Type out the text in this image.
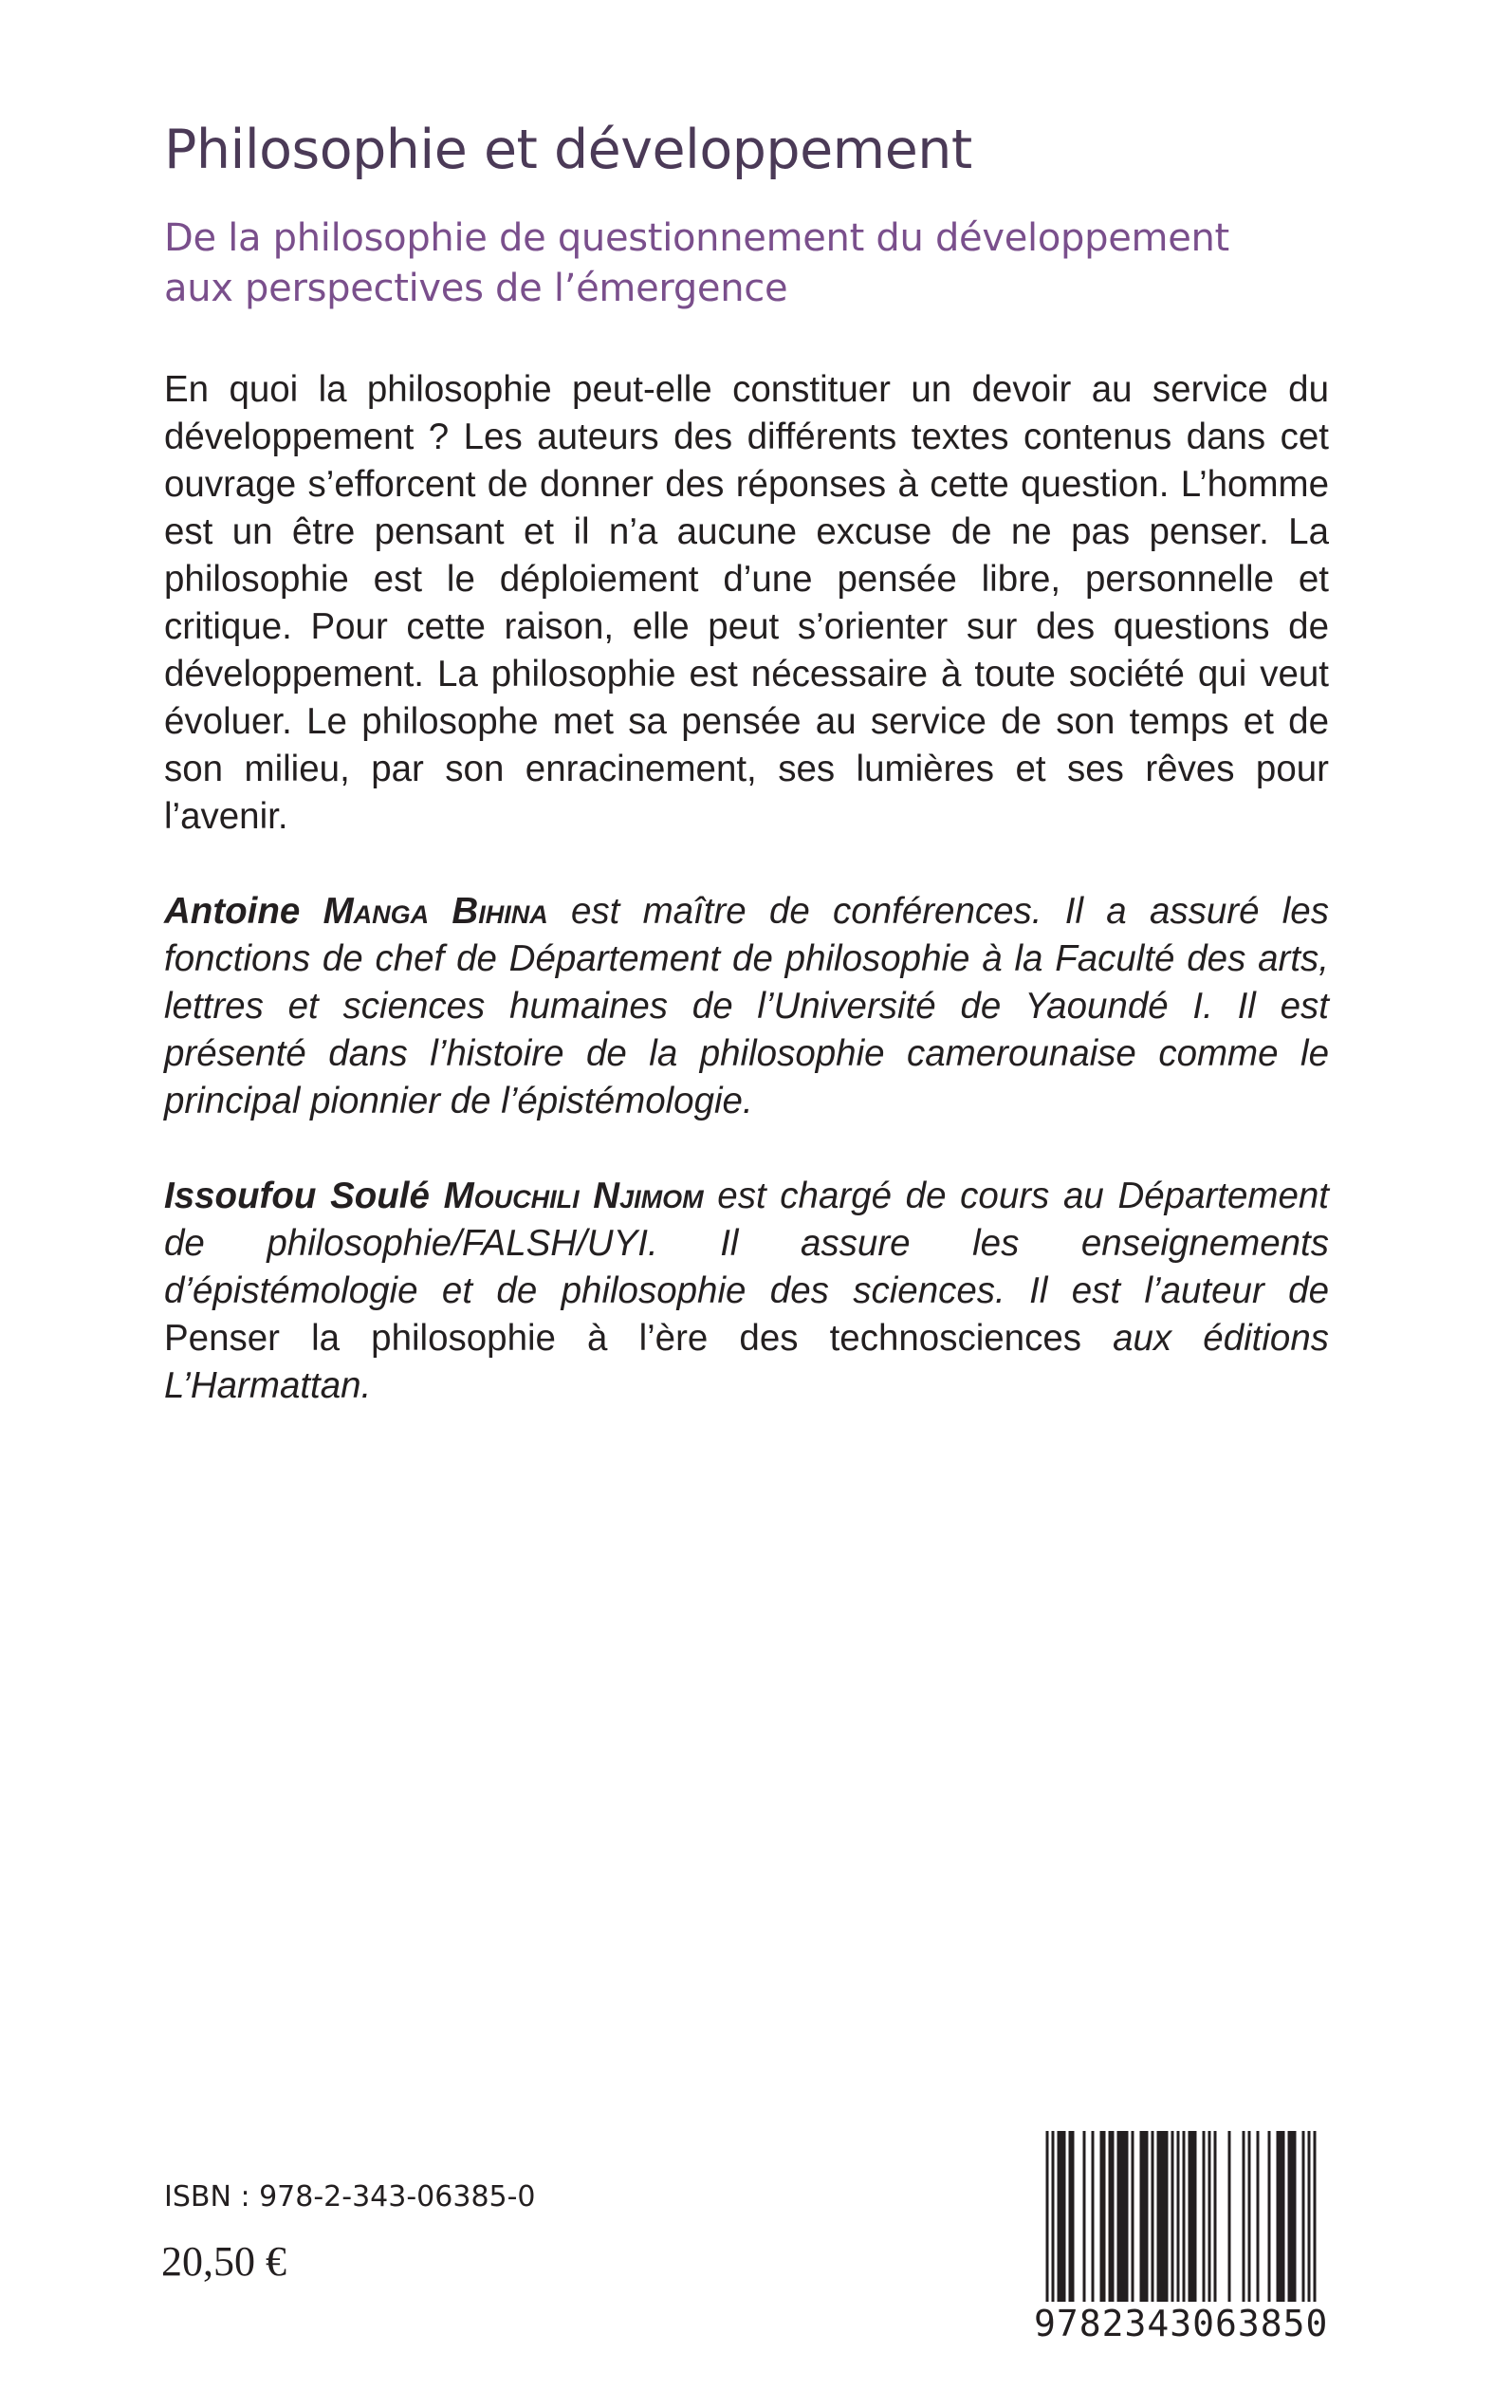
Philosophie et développement
De la philosophie de questionnement du développement
aux perspectives de l’émergence

En quoi la philosophie peut-elle constituer un devoir au service du développement ? Les auteurs des différents textes contenus dans cet ouvrage s’efforcent de donner des réponses à cette question. L’homme est un être pensant et il n’a aucune excuse de ne pas penser. La philosophie est le déploiement d’une pensée libre, personnelle et critique. Pour cette raison, elle peut s’orienter sur des questions de développement. La philosophie est nécessaire à toute société qui veut évoluer. Le philosophe met sa pensée au service de son temps et de son milieu, par son enracinement, ses lumières et ses rêves pour l’avenir.

Antoine Manga Bihina est maître de conférences. Il a assuré les fonctions de chef de Département de philosophie à la Faculté des arts, lettres et sciences humaines de l’Université de Yaoundé I. Il est présenté dans l’histoire de la philosophie camerounaise comme le principal pionnier de l’épistémologie.

Issoufou Soulé Mouchili Njimom est chargé de cours au Département de philosophie/FALSH/UYI. Il assure les enseignements d’épistémologie et de philosophie des sciences. Il est l’auteur de Penser la philosophie à l’ère des technosciences aux éditions L’Harmattan.

ISBN : 978-2-343-06385-0
20,50 €
9782343063850
